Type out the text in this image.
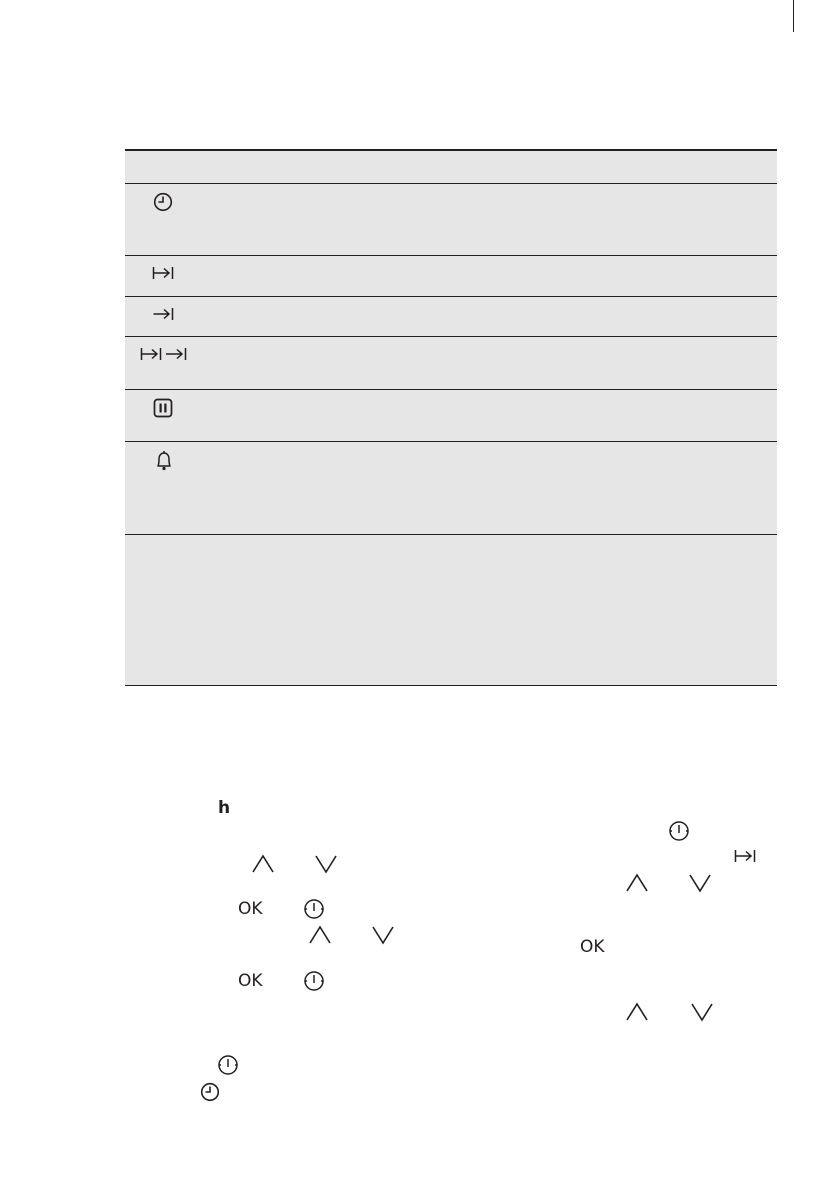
h
OK
OK
OK
